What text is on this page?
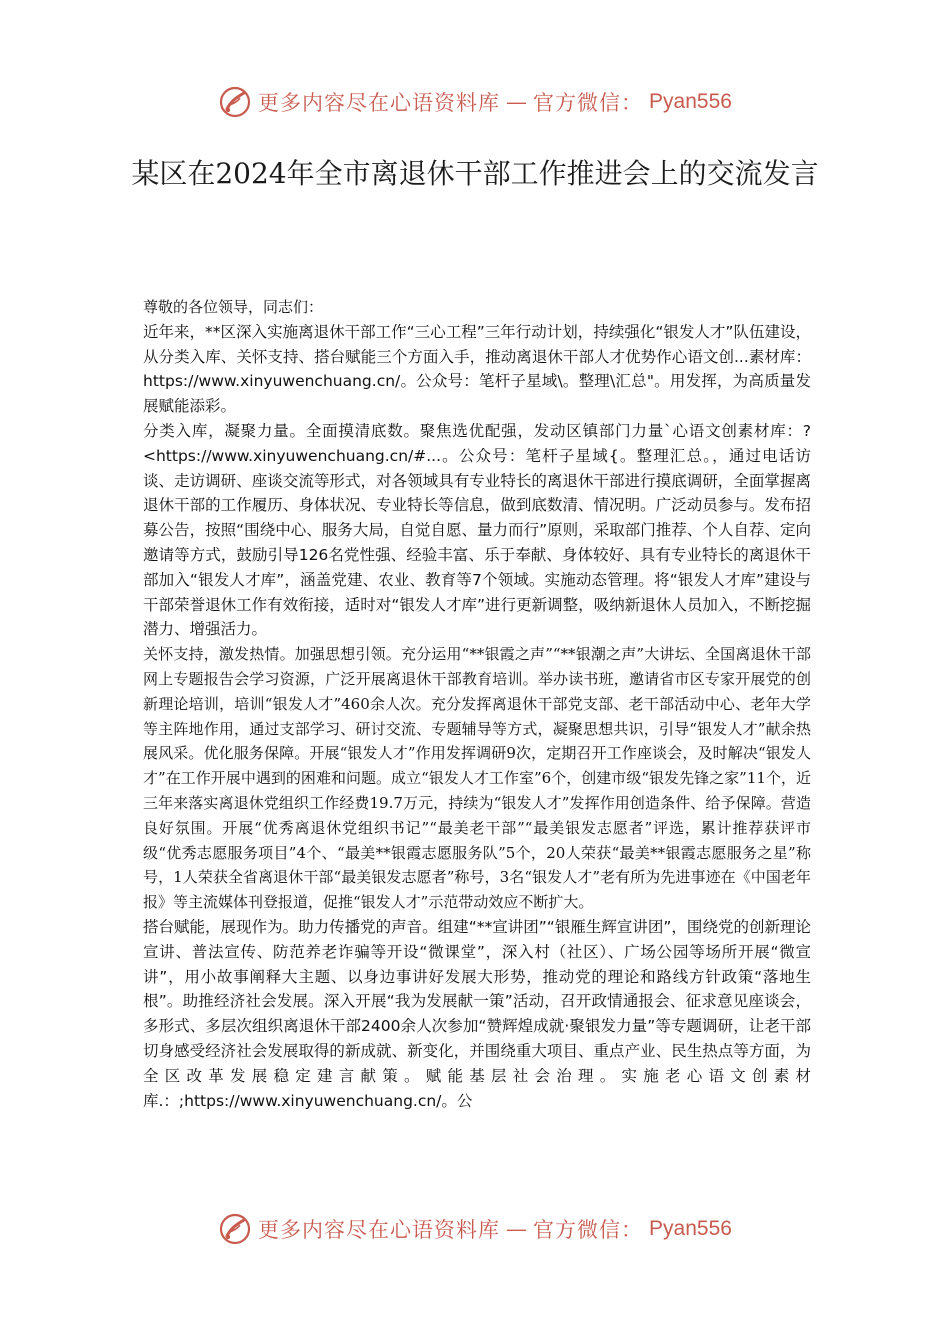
更多内容尽在心语资料库 — 官方微信： Pyan556
某区在2024年全市离退休干部工作推进会上的交流发言

尊敬的各位领导，同志们：

近年来，**区深入实施离退休干部工作“三心工程”三年行动计划，持续强化“银发人才”队伍建设，从分类入库、关怀支持、搭台赋能三个方面入手，推动离退休干部人才优势作心语文创...素材库：https://www.xinyuwenchuang.cn/。公众号：笔杆子星域\。整理\汇总"。用发挥，为高质量发展赋能添彩。

分类入库，凝聚力量。全面摸清底数。聚焦选优配强，发动区镇部门力量`心语文创素材库：?<https://www.xinyuwenchuang.cn/#...。公众号：笔杆子星域{。整理汇总。，通过电话访谈、走访调研、座谈交流等形式，对各领域具有专业特长的离退休干部进行摸底调研，全面掌握离退休干部的工作履历、身体状况、专业特长等信息，做到底数清、情况明。广泛动员参与。发布招募公告，按照“围绕中心、服务大局，自觉自愿、量力而行”原则，采取部门推荐、个人自荐、定向邀请等方式，鼓励引导126名党性强、经验丰富、乐于奉献、身体较好、具有专业特长的离退休干部加入“银发人才库”，涵盖党建、农业、教育等7个领域。实施动态管理。将“银发人才库”建设与干部荣誉退休工作有效衔接，适时对“银发人才库”进行更新调整，吸纳新退休人员加入，不断挖掘潜力、增强活力。

关怀支持，激发热情。加强思想引领。充分运用“**银霞之声”“**银潮之声”大讲坛、全国离退休干部网上专题报告会学习资源，广泛开展离退休干部教育培训。举办读书班，邀请省市区专家开展党的创新理论培训，培训“银发人才”460余人次。充分发挥离退休干部党支部、老干部活动中心、老年大学等主阵地作用，通过支部学习、研讨交流、专题辅导等方式，凝聚思想共识，引导“银发人才”献余热展风采。优化服务保障。开展“银发人才”作用发挥调研9次，定期召开工作座谈会，及时解决“银发人才”在工作开展中遇到的困难和问题。成立“银发人才工作室”6个，创建市级“银发先锋之家”11个，近三年来落实离退休党组织工作经费19.7万元，持续为“银发人才”发挥作用创造条件、给予保障。营造良好氛围。开展“优秀离退休党组织书记”“最美老干部”“最美银发志愿者”评选，累计推荐获评市级“优秀志愿服务项目”4个、“最美**银霞志愿服务队”5个，20人荣获“最美**银霞志愿服务之星”称号，1人荣获全省离退休干部“最美银发志愿者”称号，3名“银发人才”老有所为先进事迹在《中国老年报》等主流媒体刊登报道，促推“银发人才”示范带动效应不断扩大。

搭台赋能，展现作为。助力传播党的声音。组建“**宣讲团”“银雁生辉宣讲团”，围绕党的创新理论宣讲、普法宣传、防范养老诈骗等开设“微课堂”，深入村（社区）、广场公园等场所开展“微宣讲”，用小故事阐释大主题、以身边事讲好发展大形势，推动党的理论和路线方针政策“落地生根”。助推经济社会发展。深入开展“我为发展献一策”活动，召开政情通报会、征求意见座谈会，多形式、多层次组织离退休干部2400余人次参加“赞辉煌成就·聚银发力量”等专题调研，让老干部切身感受经济社会发展取得的新成就、新变化，并围绕重大项目、重点产业、民生热点等方面，为全区改革发展稳定建言献策。赋能基层社会治理。实施老心语文创素材库.：;https://www.xinyuwenchuang.cn/。公

更多内容尽在心语资料库 — 官方微信： Pyan556
